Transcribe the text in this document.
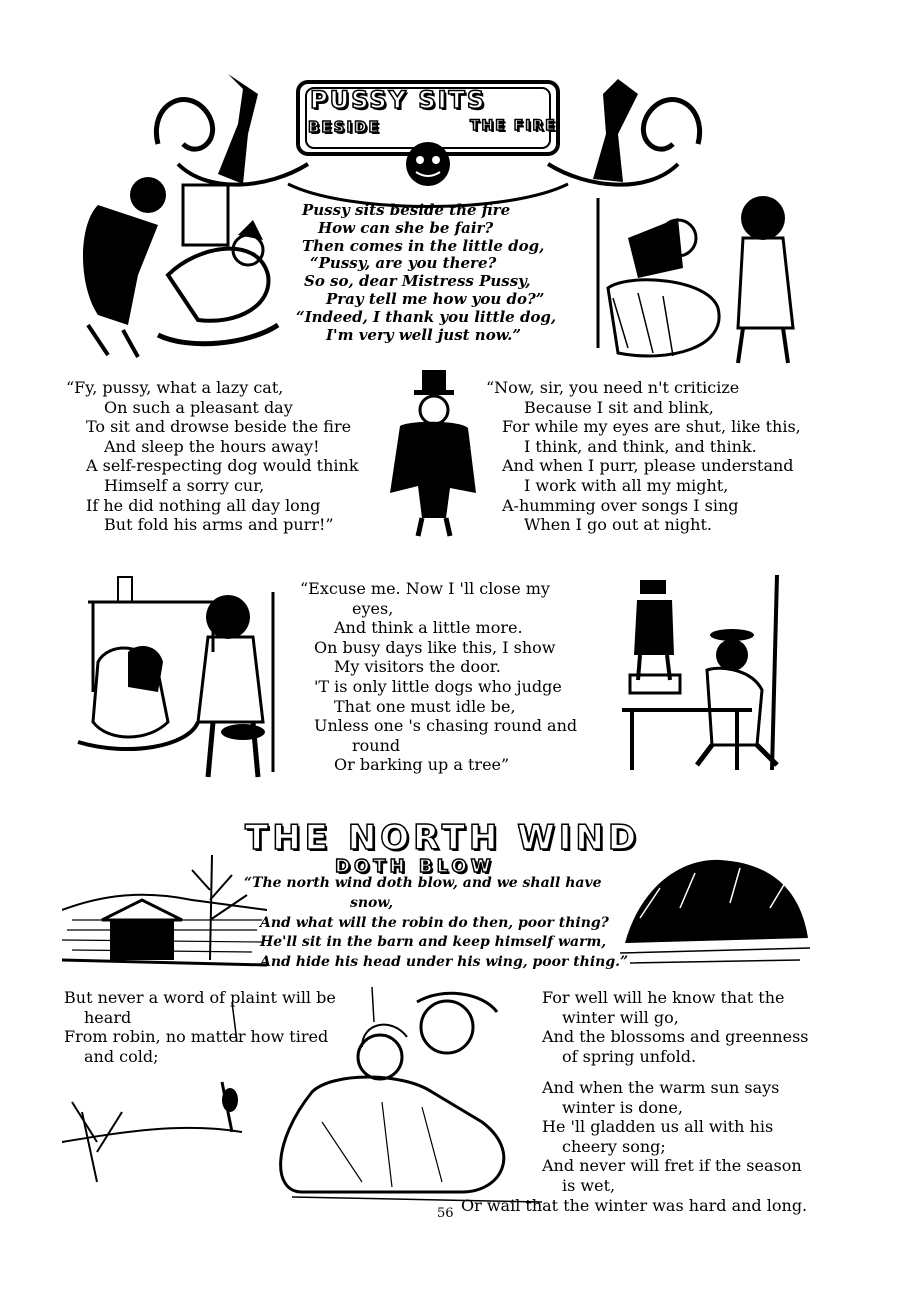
PUSSY SITS
BESIDE	THE FIRE
Pussy sits beside the fire
How can she be fair?
Then comes in the little dog,
“Pussy, are you there?
So so, dear Mistress Pussy,
Pray tell me how you do?”
“Indeed, I thank you little dog,
I'm very well just now.”
“Fy, pussy, what a lazy cat,
On such a pleasant day
To sit and drowse beside the fire
And sleep the hours away!
A self-respecting dog would think
Himself a sorry cur,
If he did nothing all day long
But fold his arms and purr!”
“Now, sir, you need n't criticize
Because I sit and blink,
For while my eyes are shut, like this,
I think, and think, and think.
And when I purr, please understand
I work with all my might,
A-humming over songs I sing
When I go out at night.
“Excuse me. Now I 'll close my
eyes,
And think a little more.
On busy days like this, I show
My visitors the door.
'T is only little dogs who judge
That one must idle be,
Unless one 's chasing round and
round
Or barking up a tree”
THE NORTH WIND
DOTH BLOW
“The north wind doth blow, and we shall have
snow,
And what will the robin do then, poor thing?
He'll sit in the barn and keep himself warm,
And hide his head under his wing, poor thing.”
But never a word of plaint will be
heard
From robin, no matter how tired
and cold;
For well will he know that the
winter will go,
And the blossoms and greenness
of spring unfold.
And when the warm sun says
winter is done,
He 'll gladden us all with his
cheery song;
And never will fret if the season
is wet,
Or wail that the winter was hard and long.
56
